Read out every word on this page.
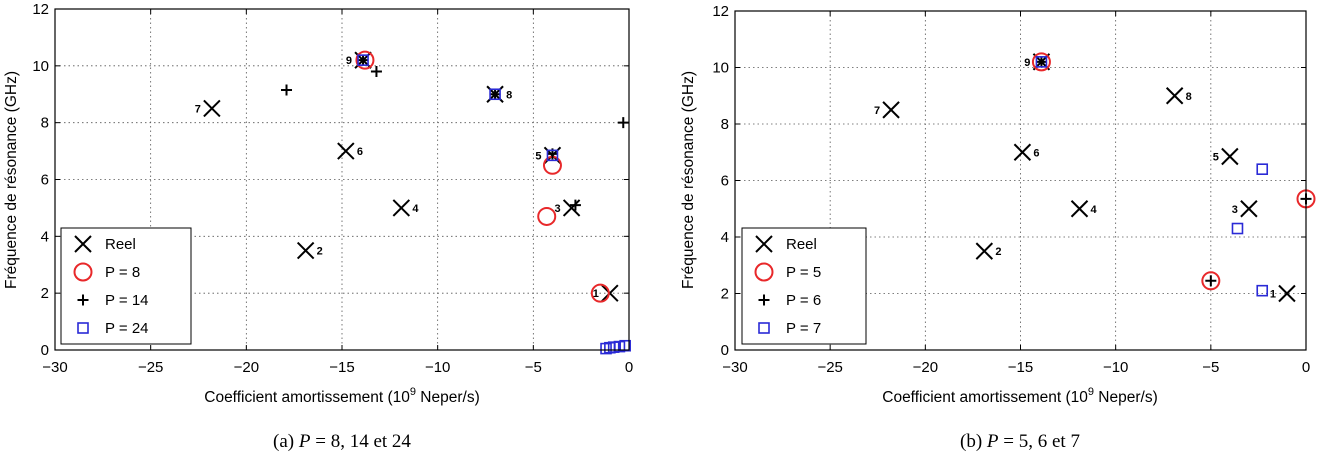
−30	−25	−20	−15	−10	−5	0
0
2
4
6
8
10
12
1
2
3
4
5
6
7
8
9
Coefficient amortissement ($10^9$ Neper/s)
Fréquence de résonance (GHz)	Reel
P = 8
P = 14
P = 24
(a) P = 8, 14 et 24
−30	−25	−20	−15	−10	−5	0
0
2
4
6
8
10
12
1
2
3
4
5
6
7
8
9
Coefficient amortissement ($10^9$ Neper/s)
Fréquence de résonance (GHz)	Reel
P = 5
P = 6
P = 7
(b) P = 5, 6 et 7
